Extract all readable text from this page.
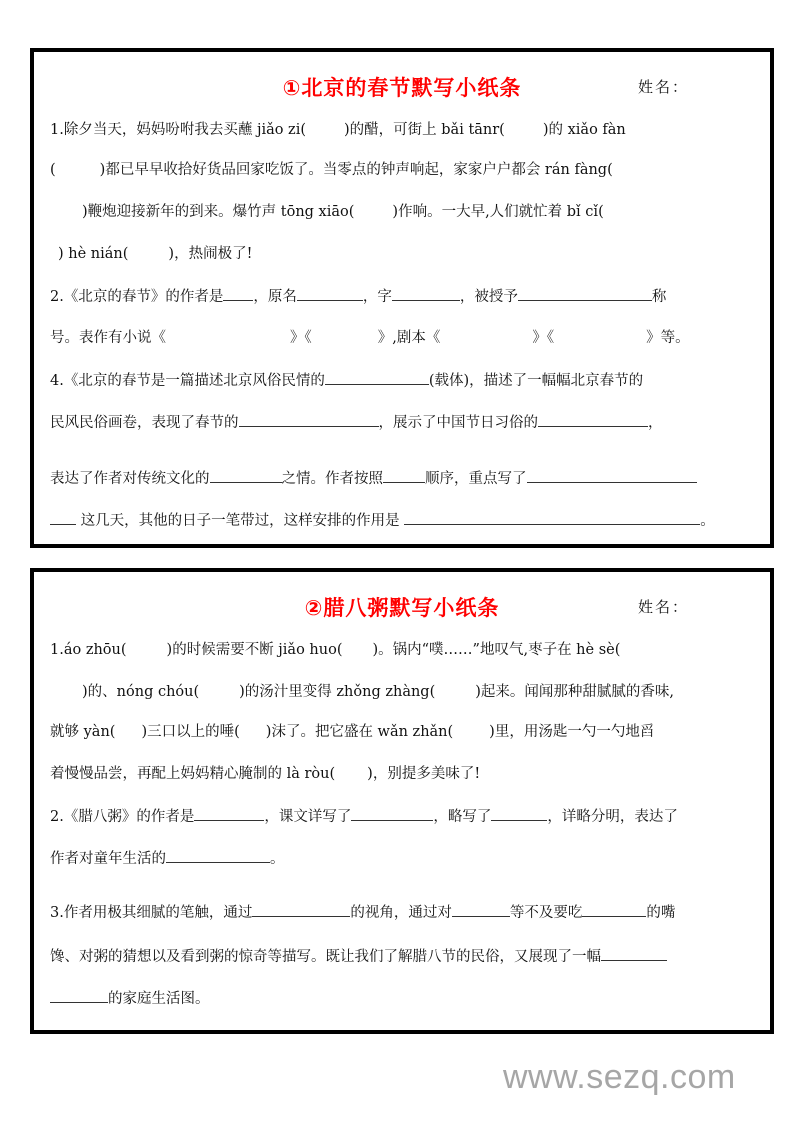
①北京的春节默写小纸条	姓名：
1.除夕当天，妈妈吩咐我去买蘸 jiǎo zi(	)的醋，可街上 bǎi tānr(	)的 xiǎo fàn
(	)都已早早收拾好货品回家吃饭了。当零点的钟声响起，家家户户都会 rán fàng(
)鞭炮迎接新年的到来。爆竹声 tōng xiāo(	)作响。一大早,人们就忙着 bǐ cǐ(
) hè nián(	)，热闹极了!
2.《北京的春节》的作者是 ，原名	，字	，被授予	称
号。表作有小说《	》《	》,剧本《	》《	》等。
4.《北京的春节是一篇描述北京风俗民情的	(载体)，描述了一幅幅北京春节的
民风民俗画卷，表现了春节的	，展示了中国节日习俗的	，
表达了作者对传统文化的	之情。作者按照	顺序，重点写了
这几天，其他的日子一笔带过，这样安排的作用是	。
②腊八粥默写小纸条	姓名：
1.áo zhōu(	)的时候需要不断 jiǎo huo( )。锅内“噗……”地叹气,枣子在 hè sè(
)的、nóng chóu(	)的汤汁里变得 zhǒng zhàng(	)起来。闻闻那种甜腻腻的香味,
就够 yàn( )三口以上的唾( )沫了。把它盛在 wǎn zhǎn( )里，用汤匙一勺一勺地舀
着慢慢品尝，再配上妈妈精心腌制的 là ròu( )，别提多美味了!
2.《腊八粥》的作者是	，课文详写了	，略写了	，详略分明，表达了
作者对童年生活的	。
3.作者用极其细腻的笔触，通过	的视角，通过对	等不及要吃	的嘴
馋、对粥的猜想以及看到粥的惊奇等描写。既让我们了解腊八节的民俗，又展现了一幅
的家庭生活图。
www.sezq.com
